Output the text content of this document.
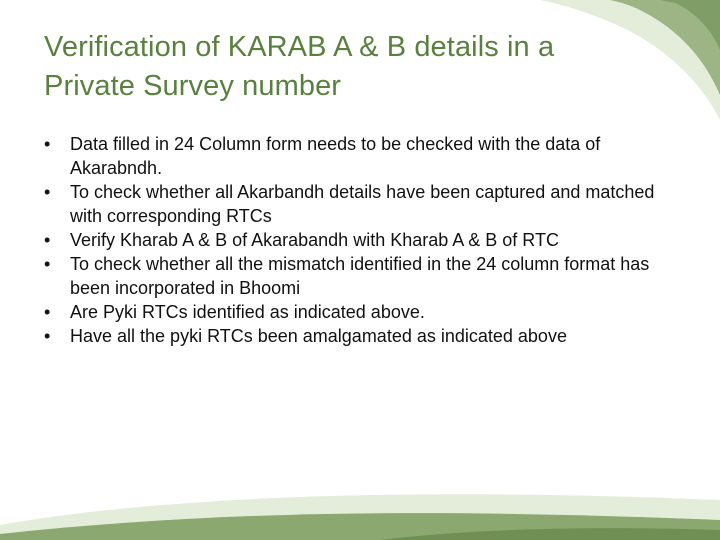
Verification of KARAB A & B details in a Private Survey number
•	Data filled in 24 Column form needs to be checked with the data of Akarabndh.
•	To check whether all Akarbandh details have been captured and matched with corresponding RTCs
•	Verify Kharab A & B of Akarabandh with Kharab A & B of RTC
•	To check whether all the mismatch identified in the 24 column format has been incorporated in Bhoomi
•	Are Pyki RTCs identified as indicated above.
•	Have all the pyki RTCs been amalgamated as indicated above
